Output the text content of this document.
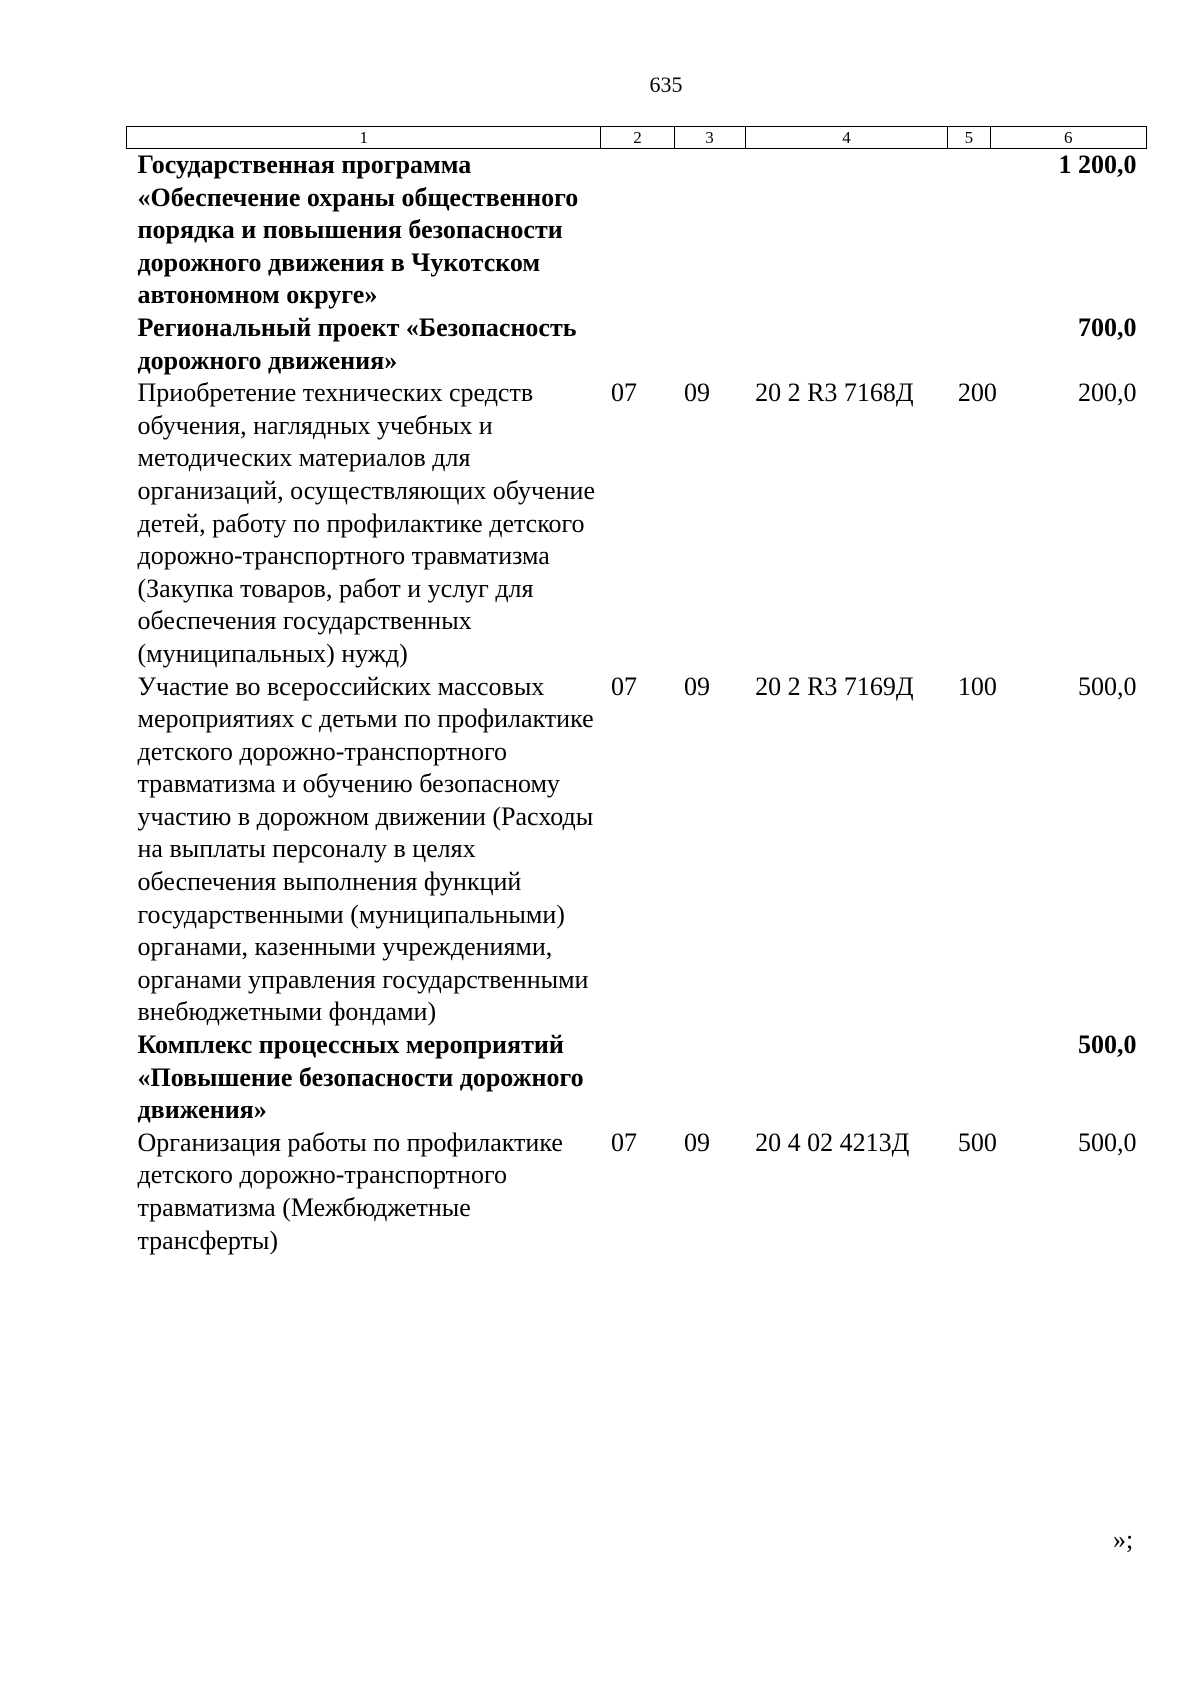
635
1	2	3	4	5	6
Государственная программа «Обеспечение охраны общественного порядка и повышения безопасности дорожного движения в Чукотском автономном округе»					1 200,0
Региональный проект «Безопасность дорожного движения»					700,0
Приобретение технических средств обучения, наглядных учебных и методических материалов для организаций, осуществляющих обучение детей, работу по профилактике детского дорожно-транспортного травматизма (Закупка товаров, работ и услуг для обеспечения государственных (муниципальных) нужд)	07	09	20 2 R3 7168Д	200	200,0
Участие во всероссийских массовых мероприятиях с детьми по профилактике детского дорожно-транспортного травматизма и обучению безопасному участию в дорожном движении (Расходы на выплаты персоналу в целях обеспечения выполнения функций государственными (муниципальными) органами, казенными учреждениями, органами управления государственными внебюджетными фондами)	07	09	20 2 R3 7169Д	100	500,0
Комплекс процессных мероприятий «Повышение безопасности дорожного движения»					500,0
Организация работы по профилактике детского дорожно-транспортного травматизма (Межбюджетные трансферты)	07	09	20 4 02 4213Д	500	500,0
»;
